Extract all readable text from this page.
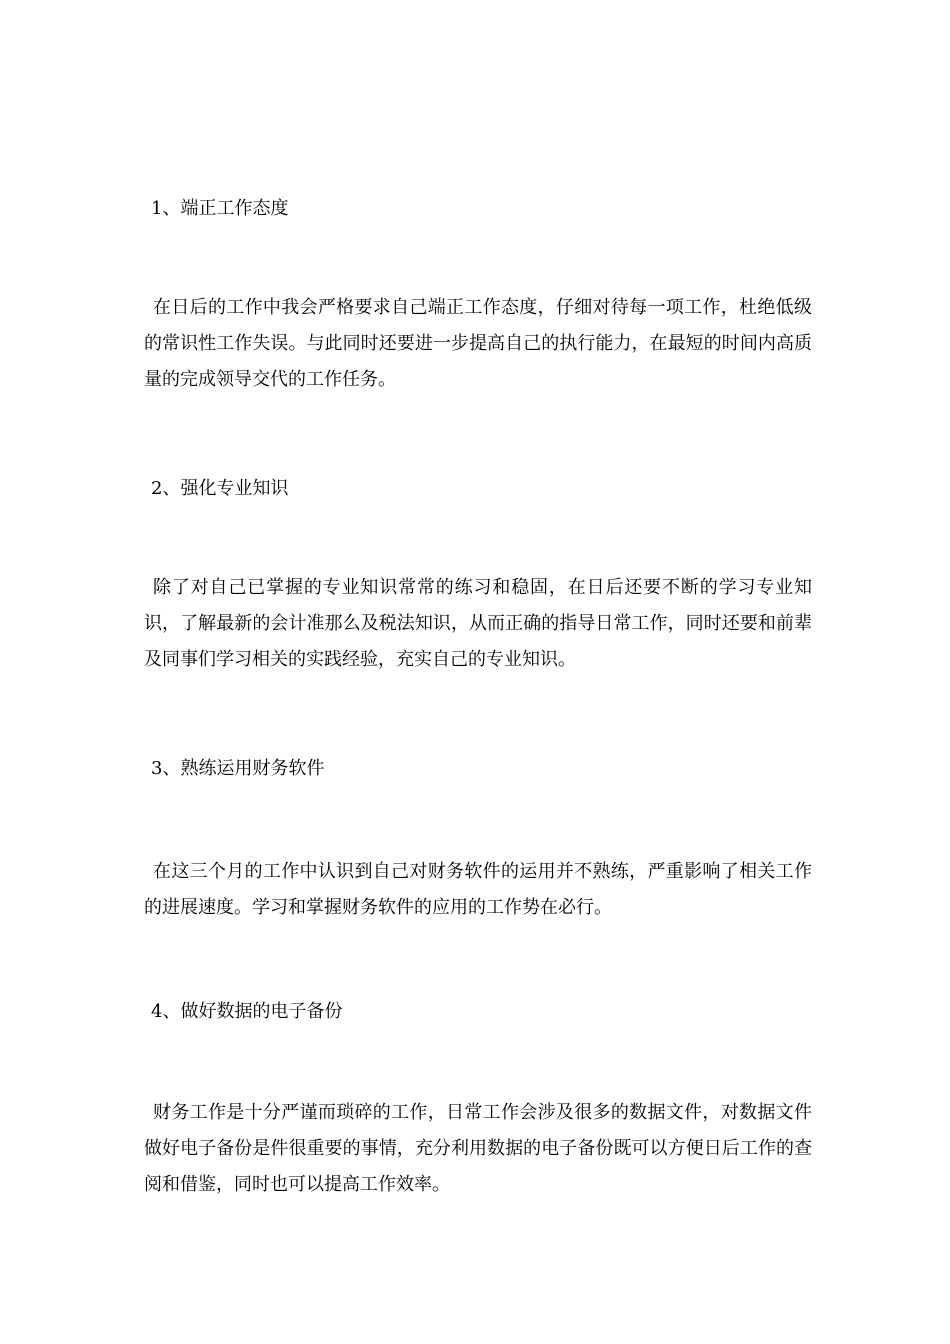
1、端正工作态度

在日后的工作中我会严格要求自己端正工作态度，仔细对待每一项工作，杜绝低级的常识性工作失误。与此同时还要进一步提高自己的执行能力，在最短的时间内高质量的完成领导交代的工作任务。

2、强化专业知识

除了对自己已掌握的专业知识常常的练习和稳固，在日后还要不断的学习专业知识，了解最新的会计准那么及税法知识，从而正确的指导日常工作，同时还要和前辈及同事们学习相关的实践经验，充实自己的专业知识。

3、熟练运用财务软件

在这三个月的工作中认识到自己对财务软件的运用并不熟练，严重影响了相关工作的进展速度。学习和掌握财务软件的应用的工作势在必行。

4、做好数据的电子备份

财务工作是十分严谨而琐碎的工作，日常工作会涉及很多的数据文件，对数据文件做好电子备份是件很重要的事情，充分利用数据的电子备份既可以方便日后工作的查阅和借鉴，同时也可以提高工作效率。
